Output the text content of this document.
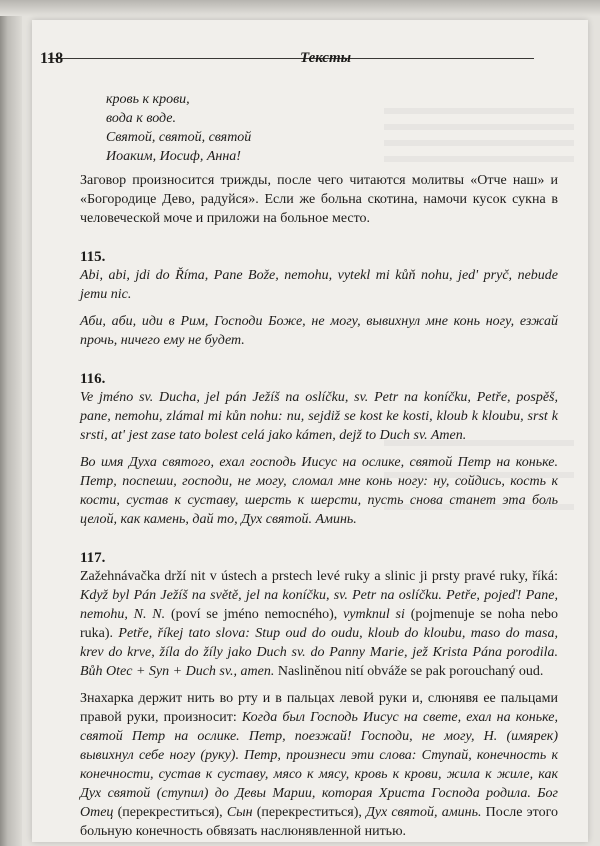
118	Тексты
кровь к крови,
вода к воде.
Святой, святой, святой
Иоаким, Иосиф, Анна!

Заговор произносится трижды, после чего читаются молитвы «Отче наш» и «Богородице Дево, радуйся». Если же больна скотина, намочи кусок сукна в человеческой моче и приложи на больное место.

115.

Abi, abi, jdi do Říma, Pane Bože, nemohu, vytekl mi kůň nohu, jed' pryč, nebude jemu nic.

Аби, аби, иди в Рим, Господи Боже, не могу, вывихнул мне конь ногу, езжай прочь, ничего ему не будет.

116.

Ve jméno sv. Ducha, jel pán Ježíš na oslíčku, sv. Petr na koníčku, Petře, pospěš, pane, nemohu, zlámal mi kůn nohu: nu, sejdiž se kost ke kosti, kloub k kloubu, srst k srsti, at' jest zase tato bolest celá jako kámen, dejž to Duch sv. Amen.

Во имя Духа святого, ехал господь Иисус на ослике, святой Петр на коньке. Петр, поспеши, господи, не могу, сломал мне конь ногу: ну, сойдись, кость к кости, сустав к суставу, шерсть к шерсти, пусть снова станет эта боль целой, как камень, дай то, Дух святой. Аминь.

117.

Zažehnávačka drží nit v ústech a prstech levé ruky a slinic ji prsty pravé ruky, říká: Když byl Pán Ježíš na světě, jel na koníčku, sv. Petr na oslíčku. Petře, pojeď! Pane, nemohu, N. N. (poví se jméno nemocného), vymknul si (pojmenuje se noha nebo ruka). Petře, říkej tato slova: Stup oud do oudu, kloub do kloubu, maso do masa, krev do krve, žíla do žíly jako Duch sv. do Panny Marie, jež Krista Pána porodila. Bůh Otec + Syn + Duch sv., amen. Nasliněnou nití obváže se pak porouchaný oud.

Знахарка держит нить во рту и в пальцах левой руки и, слюнявя ее пальцами правой руки, произносит: Когда был Господь Иисус на свете, ехал на коньке, святой Петр на ослике. Петр, поезжай! Господи, не могу, Н. (имярек) вывихнул себе ногу (руку). Петр, произнеси эти слова: Ступай, конечность к конечности, сустав к суставу, мясо к мясу, кровь к крови, жила к жиле, как Дух святой (ступил) до Девы Марии, которая Христа Господа родила. Бог Отец (перекреститься), Сын (перекреститься), Дух святой, аминь. После этого больную конечность обвязать наслюнявленной нитью.
